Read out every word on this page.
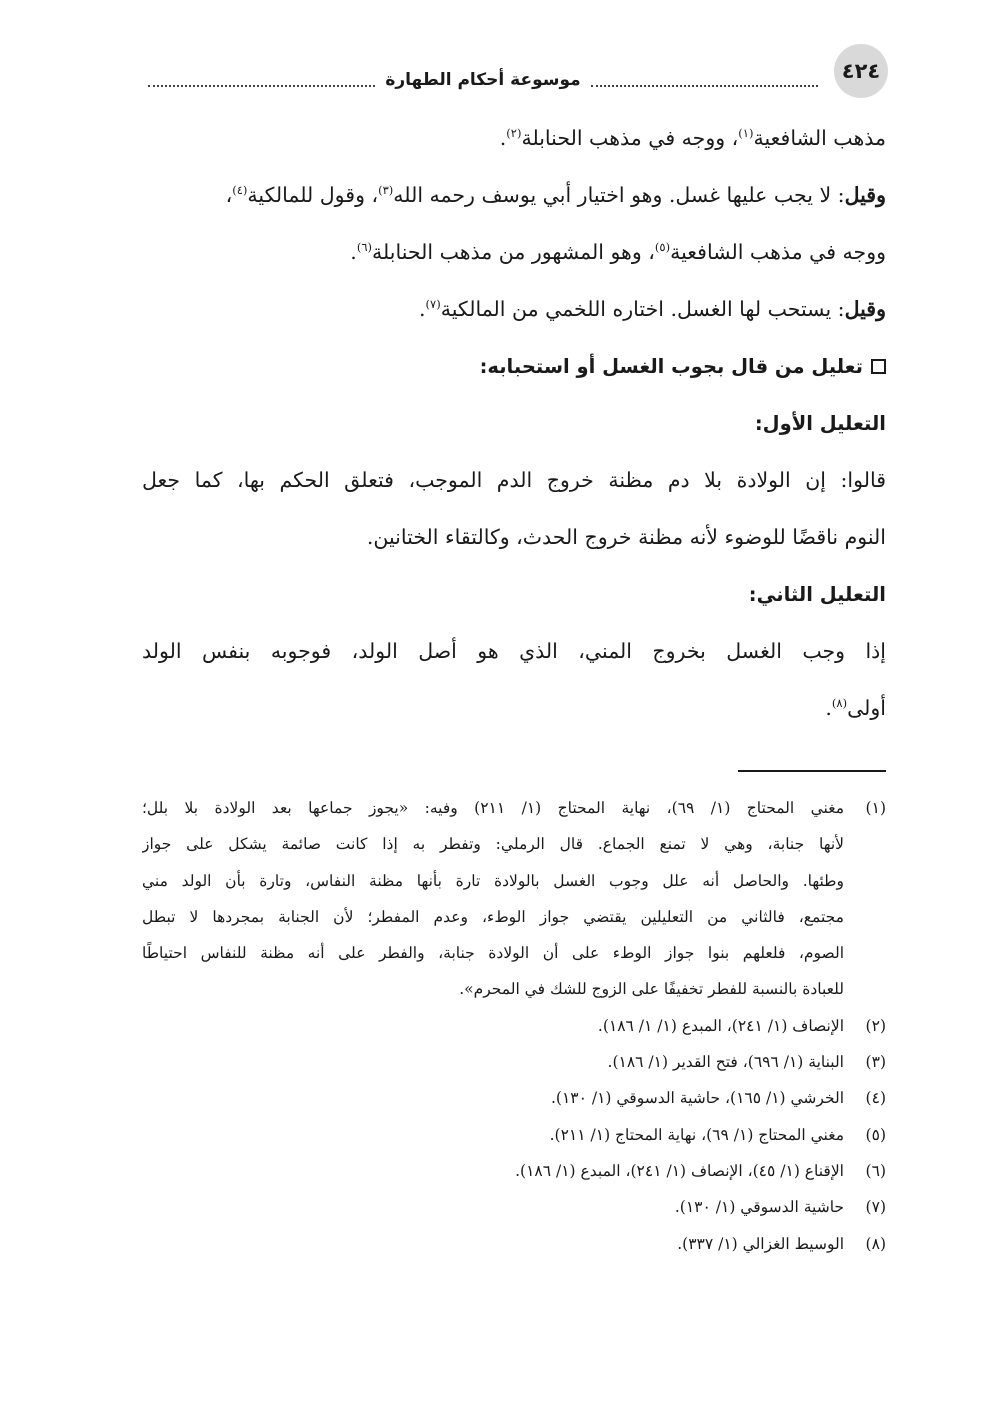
٤٢٤
موسوعة أحكام الطهارة
مذهب الشافعية$^{(١)}$، ووجه في مذهب الحنابلة$^{(٢)}$.
وقيل: لا يجب عليها غسل. وهو اختيار أبي يوسف رحمه الله$^{(٣)}$، وقول للمالكية$^{(٤)}$،
ووجه في مذهب الشافعية$^{(٥)}$، وهو المشهور من مذهب الحنابلة$^{(٦)}$.
وقيل: يستحب لها الغسل. اختاره اللخمي من المالكية$^{(٧)}$.
تعليل من قال بجوب الغسل أو استحبابه:
التعليل الأول:
قالوا: إن الولادة بلا دم مظنة خروج الدم الموجب، فتعلق الحكم بها، كما جعل
النوم ناقضًا للوضوء لأنه مظنة خروج الحدث، وكالتقاء الختانين.
التعليل الثاني:
إذا وجب الغسل بخروج المني، الذي هو أصل الولد، فوجوبه بنفس الولد
أولى$^{(٨)}$.
(١)
مغني المحتاج (١/ ٦٩)، نهاية المحتاج (١/ ٢١١) وفيه: «يجوز جماعها بعد الولادة بلا بلل؛
لأنها جنابة، وهي لا تمنع الجماع. قال الرملي: وتفطر به إذا كانت صائمة يشكل على جواز
وطئها. والحاصل أنه علل وجوب الغسل بالولادة تارة بأنها مظنة النفاس، وتارة بأن الولد مني
مجتمع، فالثاني من التعليلين يقتضي جواز الوطء، وعدم المفطر؛ لأن الجنابة بمجردها لا تبطل
الصوم، فلعلهم بنوا جواز الوطء على أن الولادة جنابة، والفطر على أنه مظنة للنفاس احتياطًا
للعبادة بالنسبة للفطر تخفيفًا على الزوج للشك في المحرم».
(٢)
الإنصاف (١/ ٢٤١)، المبدع (١/ ١/ ١٨٦).
(٣)
البناية (١/ ٦٩٦)، فتح القدير (١/ ١٨٦).
(٤)
الخرشي (١/ ١٦٥)، حاشية الدسوقي (١/ ١٣٠).
(٥)
مغني المحتاج (١/ ٦٩)، نهاية المحتاج (١/ ٢١١).
(٦)
الإقناع (١/ ٤٥)، الإنصاف (١/ ٢٤١)، المبدع (١/ ١٨٦).
(٧)
حاشية الدسوقي (١/ ١٣٠).
(٨)
الوسيط الغزالي (١/ ٣٣٧).
